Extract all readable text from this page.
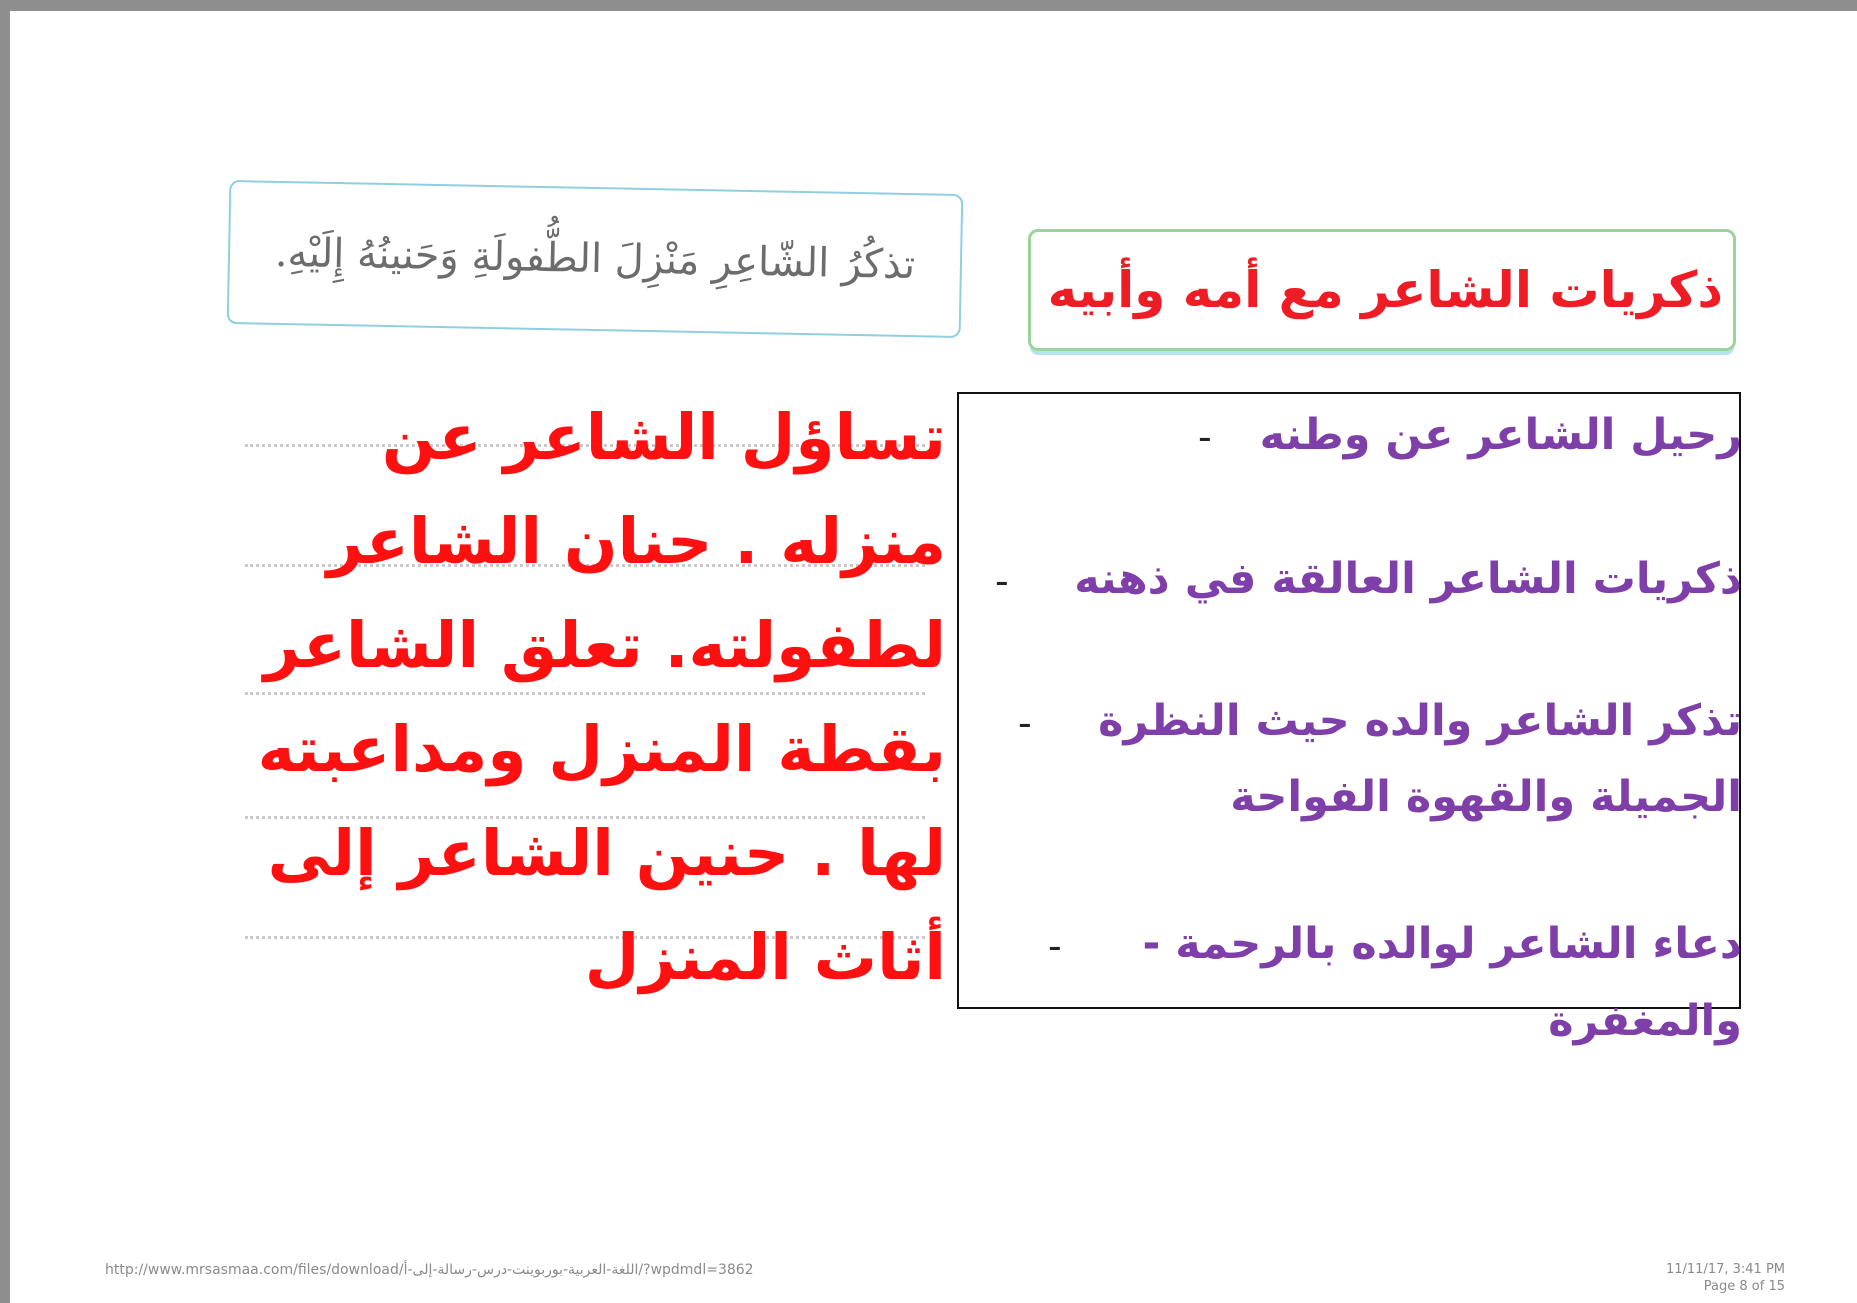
تذكُرُ الشّاعِرِ مَنْزِلَ الطُّفولَةِ وَحَنينُهُ إِلَيْهِ.
ذكريات الشاعر مع أمه وأبيه
تساؤل الشاعر عن منزله . حنان الشاعر لطفولته. تعلق الشاعر بقطة المنزل ومداعبته لها . حنين الشاعر إلى أثاث المنزل
رحيل الشاعر عن وطنه
-
ذكريات الشاعر العالقة في ذهنه
-
تذكر الشاعر والده حيث النظرة
-
الجميلة والقهوة الفواحة
دعاء الشاعر لوالده بالرحمة -
-
والمغفرة
http://www.mrsasmaa.com/files/download/اللغة-العربية-بوربوينت-درس-رسالة-إلى-أ/?wpdmdl=3862	11/11/17, 3:41 PM
Page 8 of 15
